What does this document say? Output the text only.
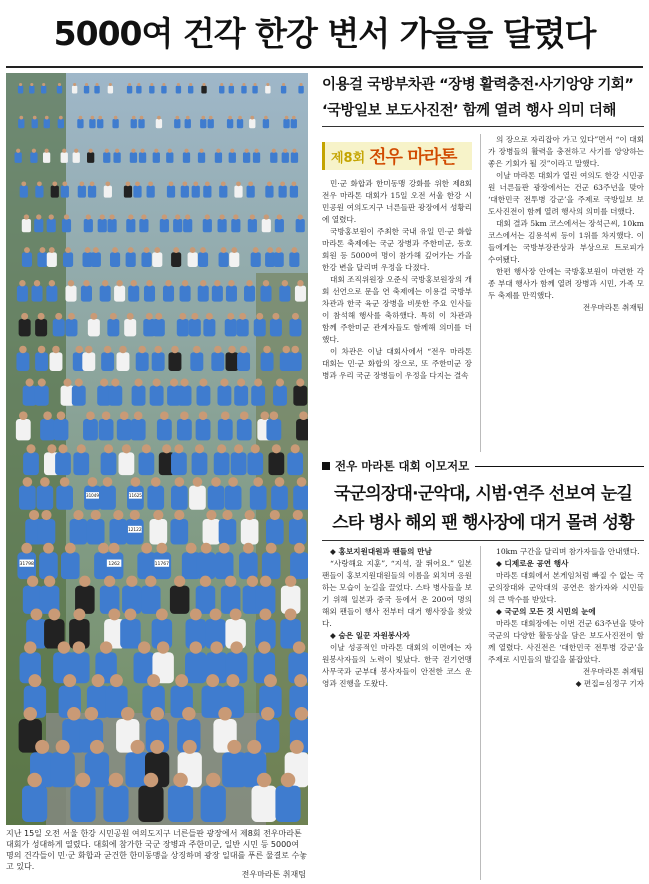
5000여 건각 한강 변서 가을을 달렸다
31049	11625
12122
31798	1262	11767
지난 15일 오전 서울 한강 시민공원 여의도지구 너른들판 광장에서 제8회 전우마라톤 대회가 성대하게 열렸다. 대회에 참가한 국군 장병과 주한미군, 일반 시민 등 5000여 명의 건각들이 민·군 화합과 굳건한 한미동맹을 상징하며 광장 일대를 푸른 물결로 수놓고 있다.
전우마라톤 취재팀
이용걸 국방부차관 “장병 활력충전·사기앙양 기회”
‘국방일보 보도사진전’ 함께 열려 행사 의미 더해
제8회 전우 마라톤

민·군 화합과 한미동맹 강화를 위한 제8회 전우 마라톤 대회가 15일 오전 서울 한강 시민공원 여의도지구 너른들판 광장에서 성황리에 열렸다.

국방홍보원이 주최한 국내 유일 민·군 화합 마라톤 축제에는 국군 장병과 주한미군, 동호회원 등 5000여 명이 참가해 깊어가는 가을 한강 변을 달리며 우정을 다졌다.

대회 조직위원장 오준식 국방홍보원장의 개회 선언으로 문을 연 축제에는 이용걸 국방부차관과 한국 육군 장병을 비롯한 주요 인사들이 참석해 행사를 축하했다. 특히 이 차관과 함께 주한미군 관계자들도 함께해 의미를 더했다.

이 차관은 이날 대회사에서 “전우 마라톤 대회는 민·군 화합의 장으로, 또 주한미군 장병과 우리 국군 장병들이 우정을 다지는 결속

의 장으로 자리잡아 가고 있다”면서 “이 대회가 장병들의 활력을 충전하고 사기를 앙양하는 좋은 기회가 될 것”이라고 말했다.

이날 마라톤 대회가 열린 여의도 한강 시민공원 너른들판 광장에서는 건군 63주년을 맞아 ‘대한민국 전투병 강군’을 주제로 국방일보 보도사진전이 함께 열려 행사의 의미를 더했다.

대회 결과 5km 코스에서는 장석근씨, 10km 코스에서는 김용석씨 등이 1위를 차지했다. 이들에게는 국방부장관상과 부상으로 트로피가 수여됐다.

한편 행사장 안에는 국방홍보원이 마련한 각종 부대 행사가 함께 열려 장병과 시민, 가족 모두 축제를 만끽했다.

전우마라톤 취재팀

전우 마라톤 대회 이모저모
국군의장대·군악대, 시범·연주 선보여 눈길
스타 병사 해외 팬 행사장에 대거 몰려 성황

◆ 홍보지원대원과 팬들의 만남

“사랑해요 지훈”, “지석, 잘 뛰어요.” 일본 팬들이 홍보지원대원들의 이름을 외치며 응원하는 모습이 눈길을 끌었다. 스타 병사들을 보기 위해 일본과 중국 등에서 온 200여 명의 해외 팬들이 행사 전부터 대거 행사장을 찾았다.

◆ 숨은 일꾼 자원봉사자

이날 성공적인 마라톤 대회의 이면에는 자원봉사자들의 노력이 빛났다. 한국 걷기연맹 사무국과 군부대 봉사자들이 안전한 코스 운영과 진행을 도왔다.

10km 구간을 달리며 참가자들을 안내했다.

◆ 디제로운 공연 행사

마라톤 대회에서 본게임처럼 빠질 수 없는 국군의장대와 군악대의 공연은 참가자와 시민들의 큰 박수를 받았다.

◆ 국군의 모든 것 시민의 눈에

마라톤 대회장에는 이번 건군 63주년을 맞아 국군의 다양한 활동상을 담은 보도사진전이 함께 열렸다. 사진전은 ‘대한민국 전투병 강군’을 주제로 시민들의 발길을 붙잡았다.

전우마라톤 취재팀

◆ 편집=심정구 기자
